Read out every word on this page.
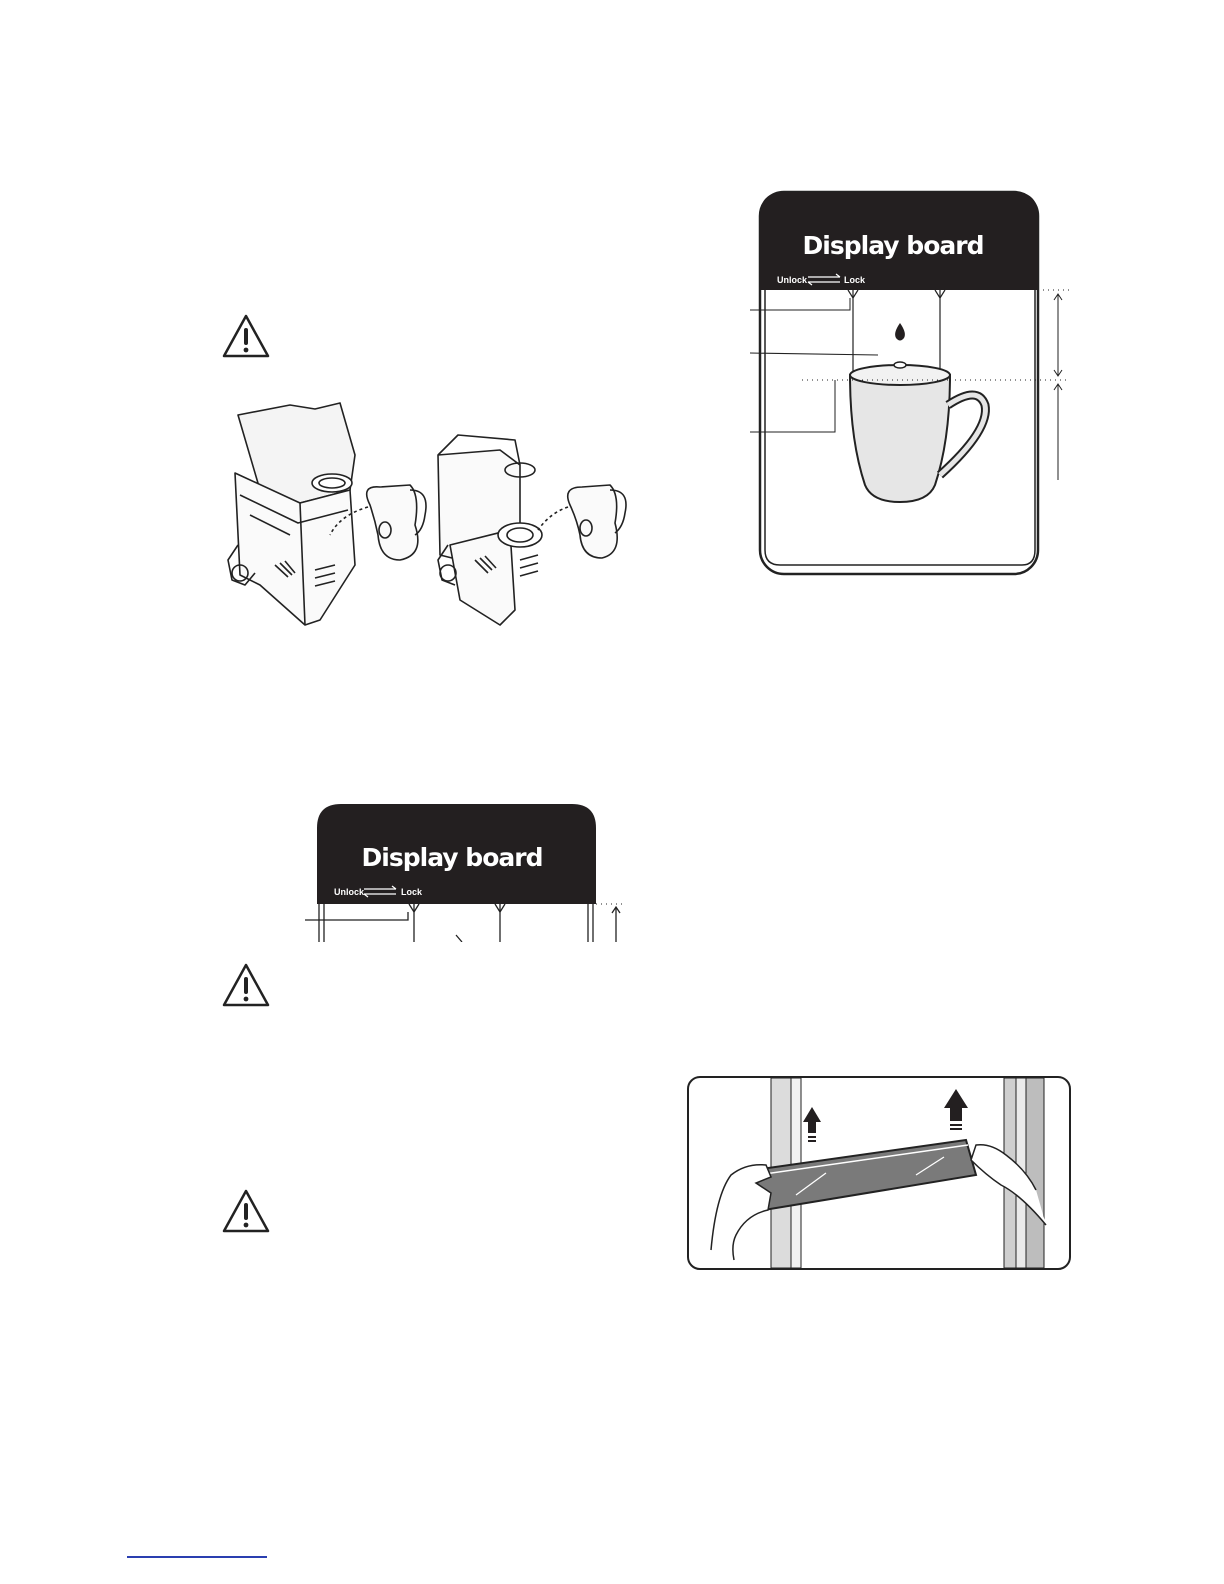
Display board
Unlock	Lock
Display board
Unlock	Lock
